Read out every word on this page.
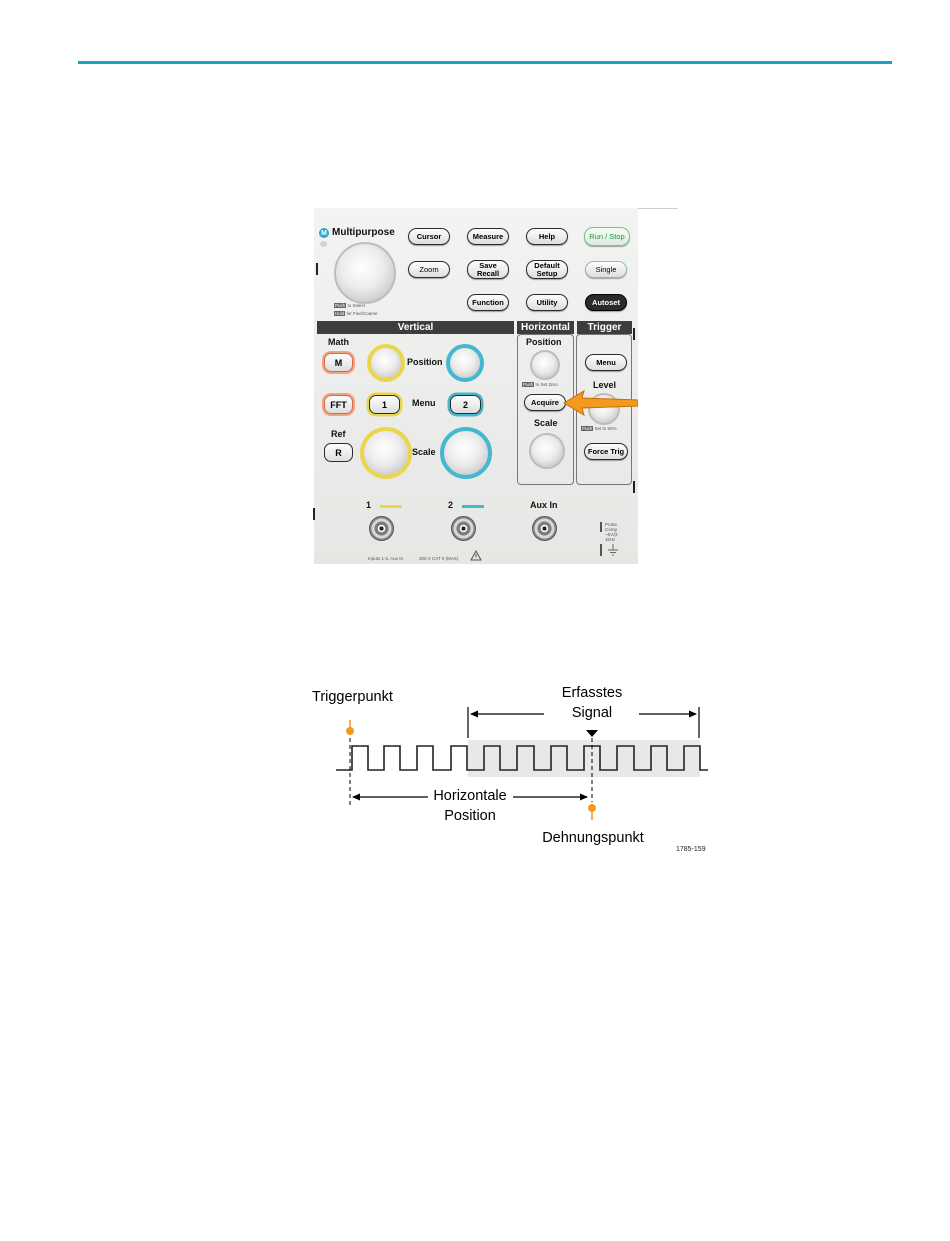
M Multipurpose
Push to Select
Hold for Fine/Coarse
Cursor	Measure	Help	Run / Stop
Zoom	Save
Recall
Default
Setup	Single
Function	Utility	Autoset
Vertical	Horizontal	Trigger
Math
M
FFT
Ref
R
Position
1	Menu	2
Scale
Position
Push to Set Zero
Acquire
Scale
Menu
Level
Push Set to 50%
Force Trig
1	2	Aux In
Inputs 1-2, Aux In	300 V CAT II (MAX)
Probe
Comp
~5V@
1kHz
Triggerpunkt	Erfasstes
Signal
Horizontale
Position
Dehnungspunkt
1785-159
